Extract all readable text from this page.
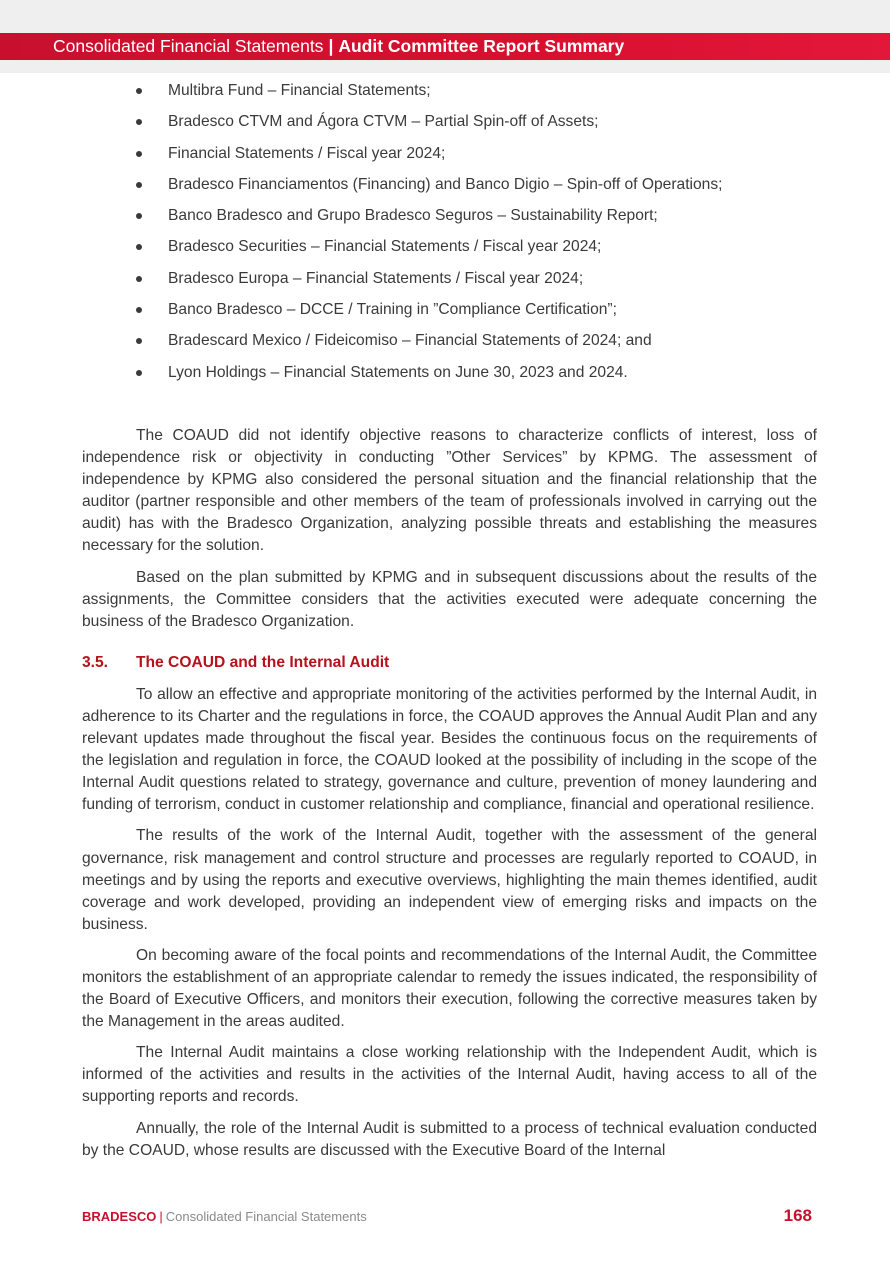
Consolidated Financial Statements | Audit Committee Report Summary
Multibra Fund – Financial Statements;
Bradesco CTVM and Ágora CTVM – Partial Spin-off of Assets;
Financial Statements / Fiscal year 2024;
Bradesco Financiamentos (Financing) and Banco Digio – Spin-off of Operations;
Banco Bradesco and Grupo Bradesco Seguros – Sustainability Report;
Bradesco Securities – Financial Statements / Fiscal year 2024;
Bradesco Europa – Financial Statements / Fiscal year 2024;
Banco Bradesco – DCCE / Training in ”Compliance Certification”;
Bradescard Mexico / Fideicomiso – Financial Statements of 2024; and
Lyon Holdings – Financial Statements on June 30, 2023 and 2024.

The COAUD did not identify objective reasons to characterize conflicts of interest, loss of independence risk or objectivity in conducting ”Other Services” by KPMG. The assessment of independence by KPMG also considered the personal situation and the financial relationship that the auditor (partner responsible and other members of the team of professionals involved in carrying out the audit) has with the Bradesco Organization, analyzing possible threats and establishing the measures necessary for the solution.

Based on the plan submitted by KPMG and in subsequent discussions about the results of the assignments, the Committee considers that the activities executed were adequate concerning the business of the Bradesco Organization.

3.5. The COAUD and the Internal Audit

To allow an effective and appropriate monitoring of the activities performed by the Internal Audit, in adherence to its Charter and the regulations in force, the COAUD approves the Annual Audit Plan and any relevant updates made throughout the fiscal year. Besides the continuous focus on the requirements of the legislation and regulation in force, the COAUD looked at the possibility of including in the scope of the Internal Audit questions related to strategy, governance and culture, prevention of money laundering and funding of terrorism, conduct in customer relationship and compliance, financial and operational resilience.

The results of the work of the Internal Audit, together with the assessment of the general governance, risk management and control structure and processes are regularly reported to COAUD, in meetings and by using the reports and executive overviews, highlighting the main themes identified, audit coverage and work developed, providing an independent view of emerging risks and impacts on the business.

On becoming aware of the focal points and recommendations of the Internal Audit, the Committee monitors the establishment of an appropriate calendar to remedy the issues indicated, the responsibility of the Board of Executive Officers, and monitors their execution, following the corrective measures taken by the Management in the areas audited.

The Internal Audit maintains a close working relationship with the Independent Audit, which is informed of the activities and results in the activities of the Internal Audit, having access to all of the supporting reports and records.

Annually, the role of the Internal Audit is submitted to a process of technical evaluation conducted by the COAUD, whose results are discussed with the Executive Board of the Internal

BRADESCO | Consolidated Financial Statements	168
